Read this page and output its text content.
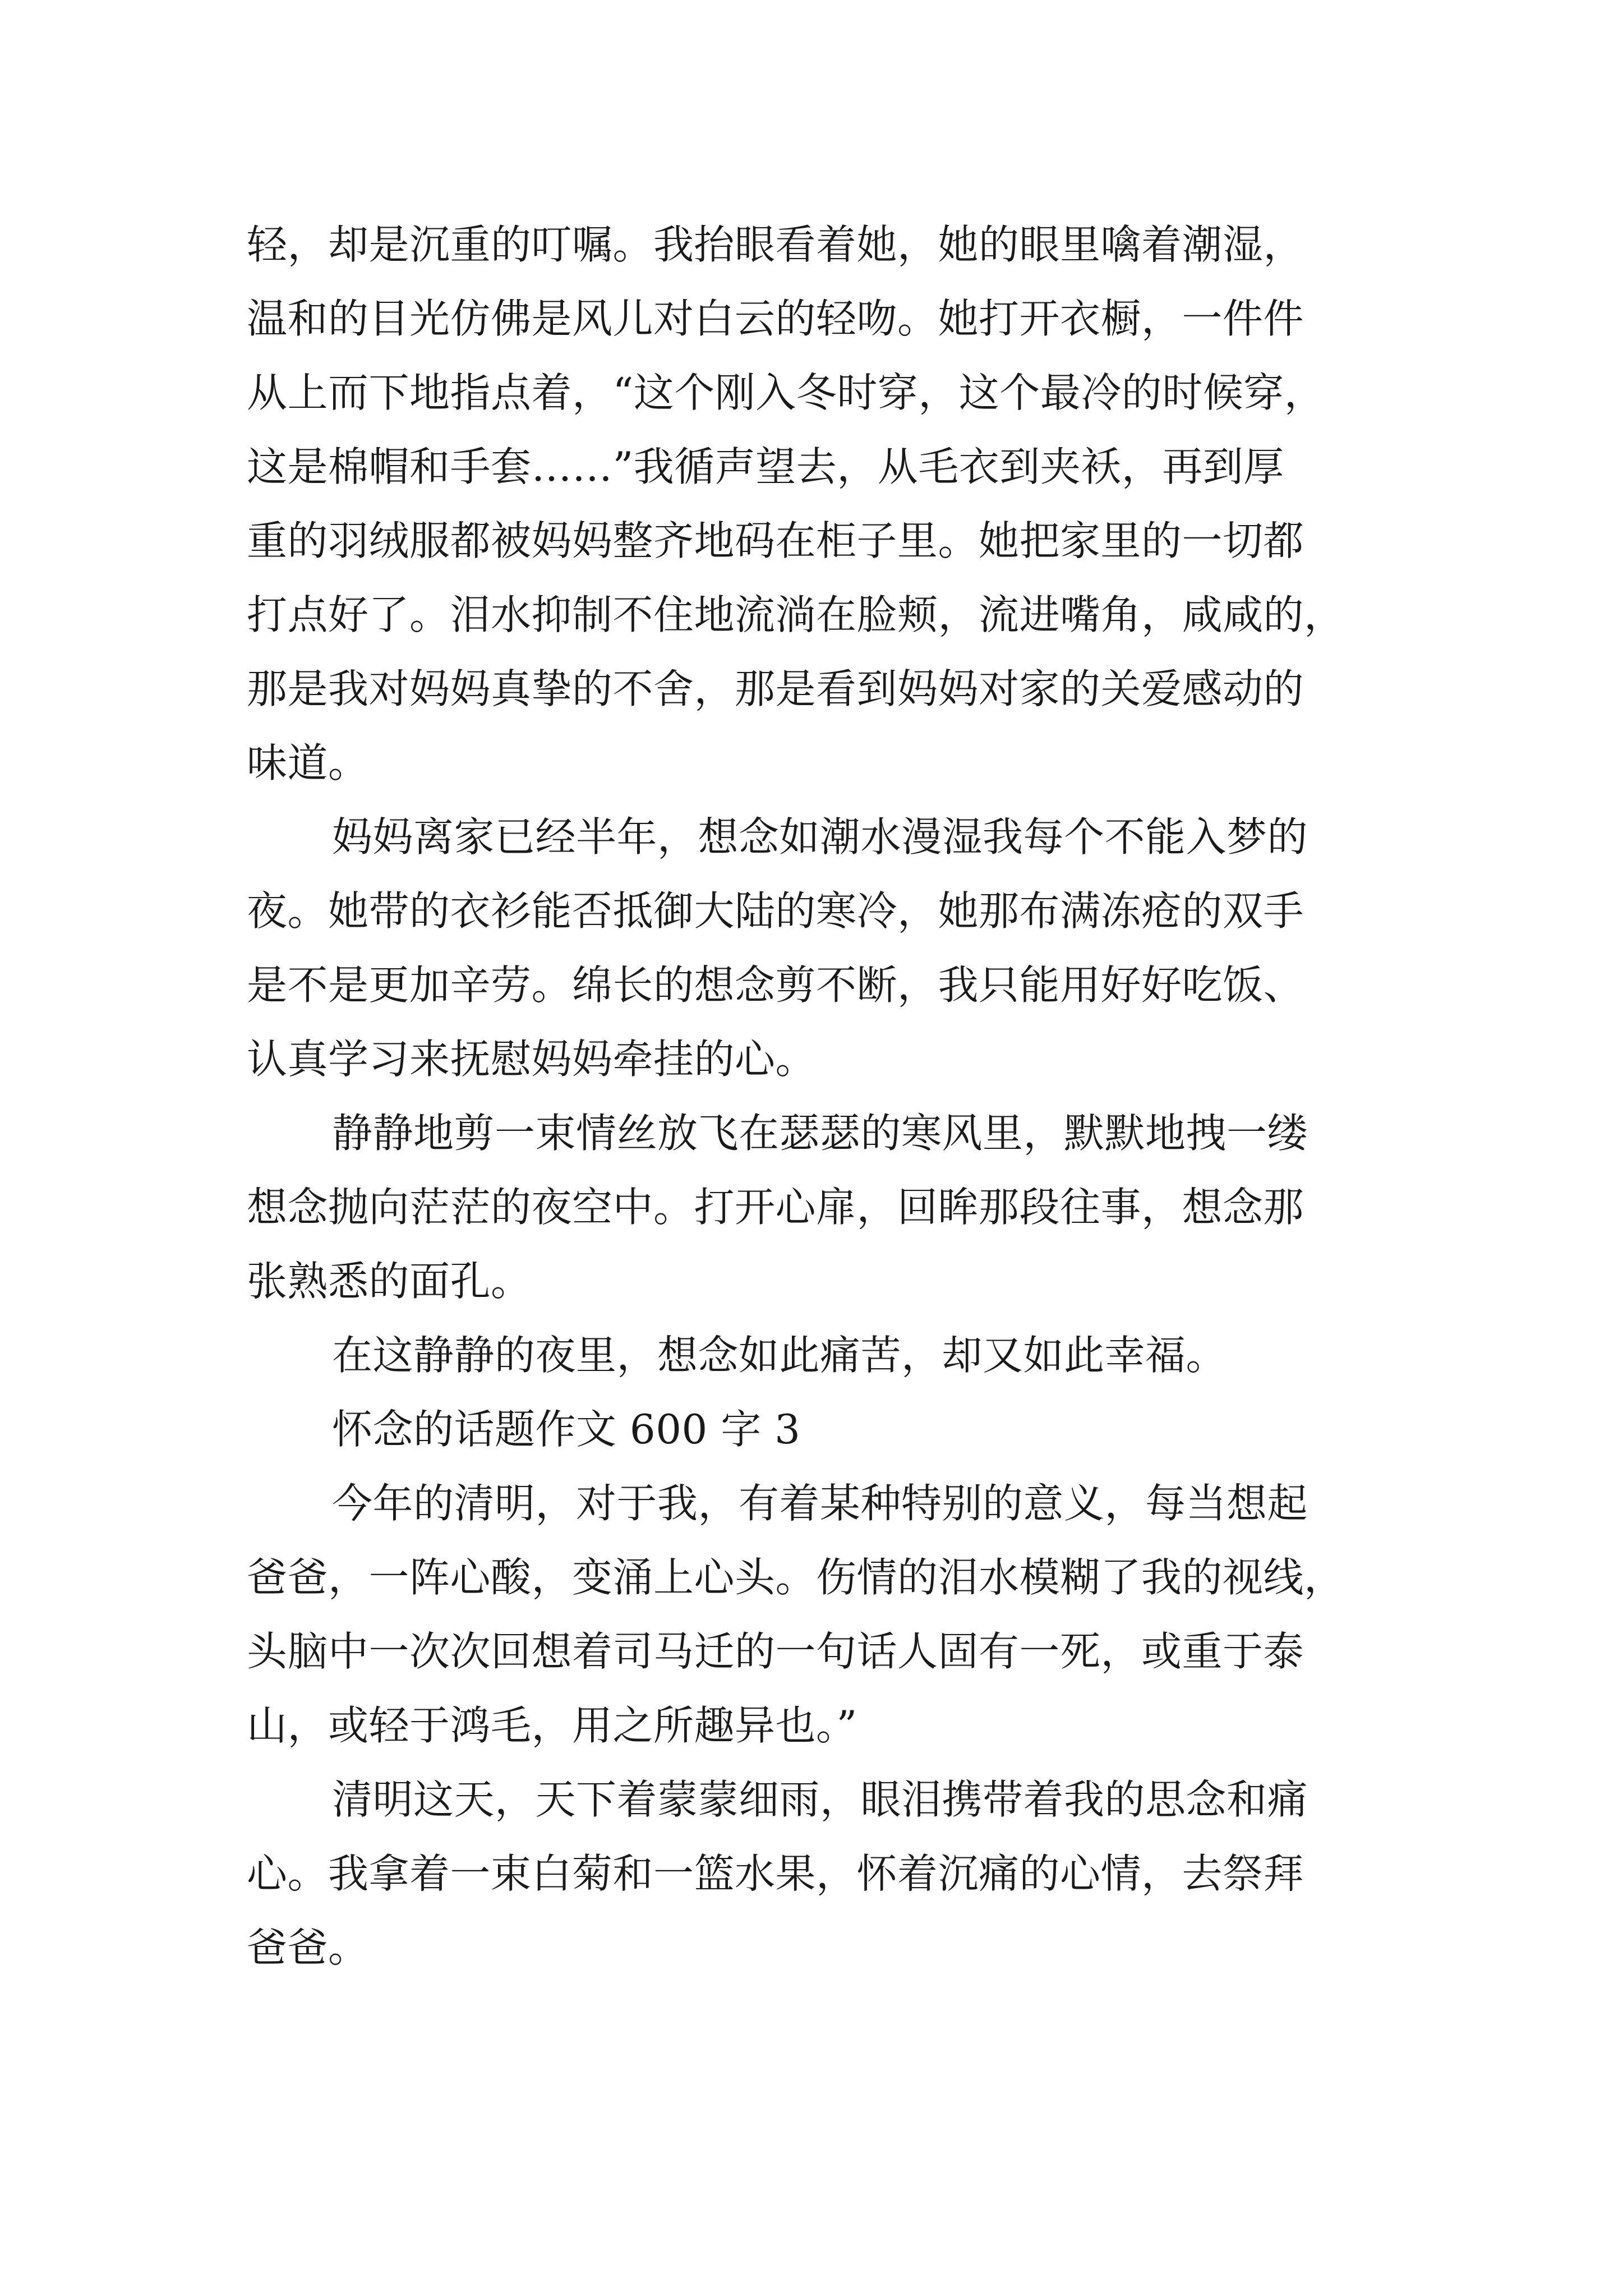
轻，却是沉重的叮嘱。我抬眼看着她，她的眼里噙着潮湿，
温和的目光仿佛是风儿对白云的轻吻。她打开衣橱，一件件
从上而下地指点着，“这个刚入冬时穿，这个最冷的时候穿，
这是棉帽和手套……”我循声望去，从毛衣到夹袄，再到厚
重的羽绒服都被妈妈整齐地码在柜子里。她把家里的一切都
打点好了。泪水抑制不住地流淌在脸颊，流进嘴角，咸咸的，
那是我对妈妈真挚的不舍，那是看到妈妈对家的关爱感动的
味道。
妈妈离家已经半年，想念如潮水漫湿我每个不能入梦的
夜。她带的衣衫能否抵御大陆的寒冷，她那布满冻疮的双手
是不是更加辛劳。绵长的想念剪不断，我只能用好好吃饭、
认真学习来抚慰妈妈牵挂的心。
静静地剪一束情丝放飞在瑟瑟的寒风里，默默地拽一缕
想念抛向茫茫的夜空中。打开心扉，回眸那段往事，想念那
张熟悉的面孔。
在这静静的夜里，想念如此痛苦，却又如此幸福。
怀念的话题作文 600 字 3
今年的清明，对于我，有着某种特别的意义，每当想起
爸爸，一阵心酸，变涌上心头。伤情的泪水模糊了我的视线，
头脑中一次次回想着司马迁的一句话人固有一死，或重于泰
山，或轻于鸿毛，用之所趣异也。”
清明这天，天下着蒙蒙细雨，眼泪携带着我的思念和痛
心。我拿着一束白菊和一篮水果，怀着沉痛的心情，去祭拜
爸爸。
